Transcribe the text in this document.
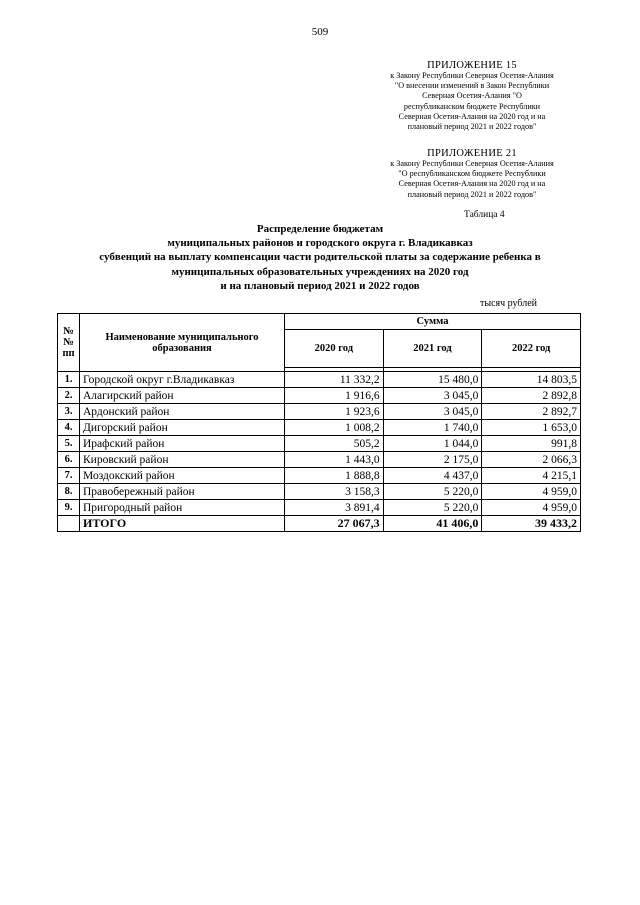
509
ПРИЛОЖЕНИЕ 15
к Закону Республики Северная Осетия-Алания
"О внесении изменений в Закон Республики
Северная Осетия-Алания "О
республиканском бюджете Республики
Северная Осетия-Алания на 2020 год и на
плановый период 2021 и 2022 годов"
ПРИЛОЖЕНИЕ 21
к Закону Республики Северная Осетия-Алания
"О республиканском бюджете Республики
Северная Осетия-Алания на 2020 год и на
плановый период 2021 и 2022 годов"
Таблица 4
Распределение бюджетам
муниципальных районов и городского округа г. Владикавказ
субвенций на выплату компенсации части родительской платы за содержание ребенка в
муниципальных образовательных учреждениях на 2020 год
и на плановый период 2021 и 2022 годов
тысяч рублей
№№ пп	Наименование муниципального образования	Сумма		
		2020 год	2021 год	2022 год

1.	Городской округ г.Владикавказ	11 332,2	15 480,0	14 803,5
2.	Алагирский район	1 916,6	3 045,0	2 892,8
3.	Ардонский район	1 923,6	3 045,0	2 892,7
4.	Дигорский район	1 008,2	1 740,0	1 653,0
5.	Ирафский район	505,2	1 044,0	991,8
6.	Кировский район	1 443,0	2 175,0	2 066,3
7.	Моздокский район	1 888,8	4 437,0	4 215,1
8.	Правобережный район	3 158,3	5 220,0	4 959,0
9.	Пригородный район	3 891,4	5 220,0	4 959,0
	ИТОГО	27 067,3	41 406,0	39 433,2
